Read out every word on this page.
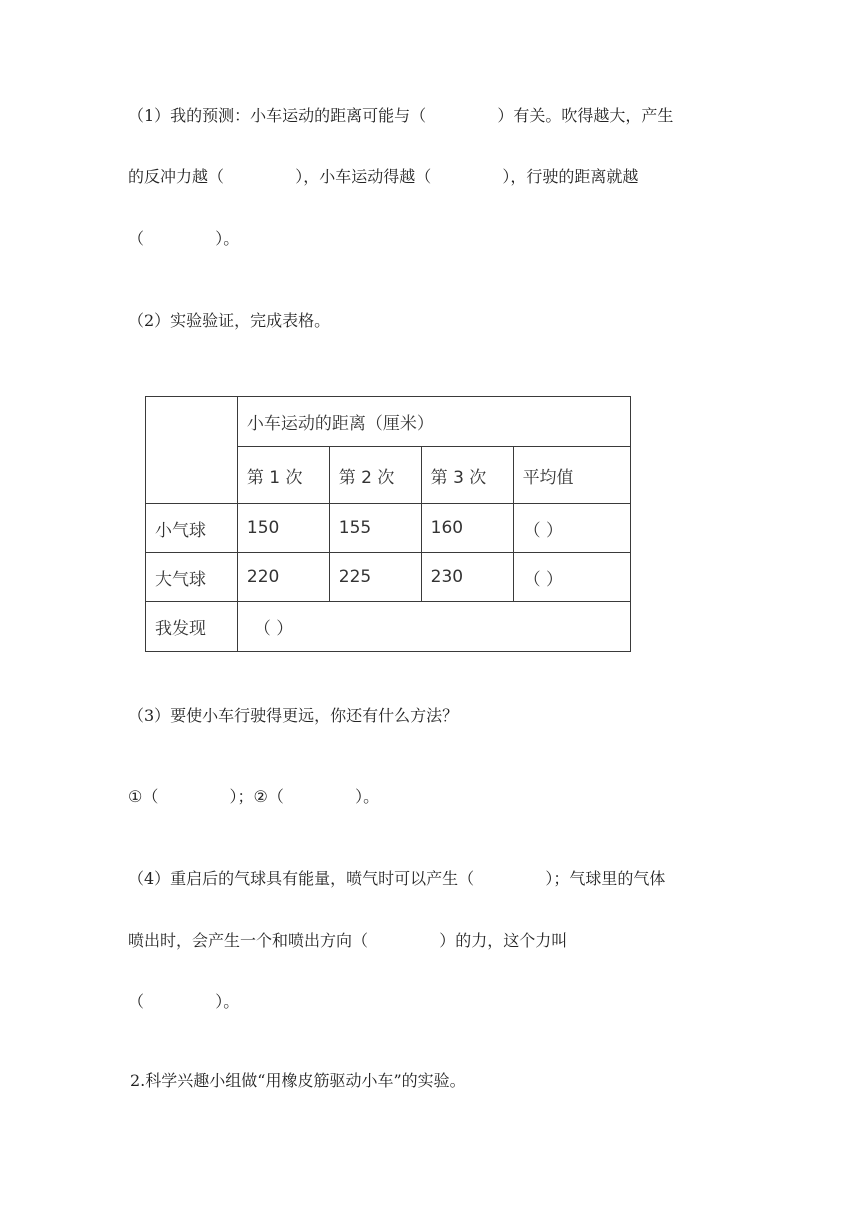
（1）我的预测：小车运动的距离可能与（              ）有关。吹得越大，产生
的反冲力越（              ），小车运动得越（              ），行驶的距离就越
（              ）。
（2）实验验证，完成表格。
	小车运动的距离（厘米）			
	第 1 次	第 2 次	第 3 次	平均值
小气球	150	155	160	（ ）
大气球	220	225	230	（ ）
我发现	（ ）			
（3）要使小车行驶得更远，你还有什么方法？
①（              ）；②（              ）。
（4）重启后的气球具有能量，喷气时可以产生（              ）；气球里的气体
喷出时，会产生一个和喷出方向（              ）的力，这个力叫
（              ）。
2.科学兴趣小组做“用橡皮筋驱动小车”的实验。
